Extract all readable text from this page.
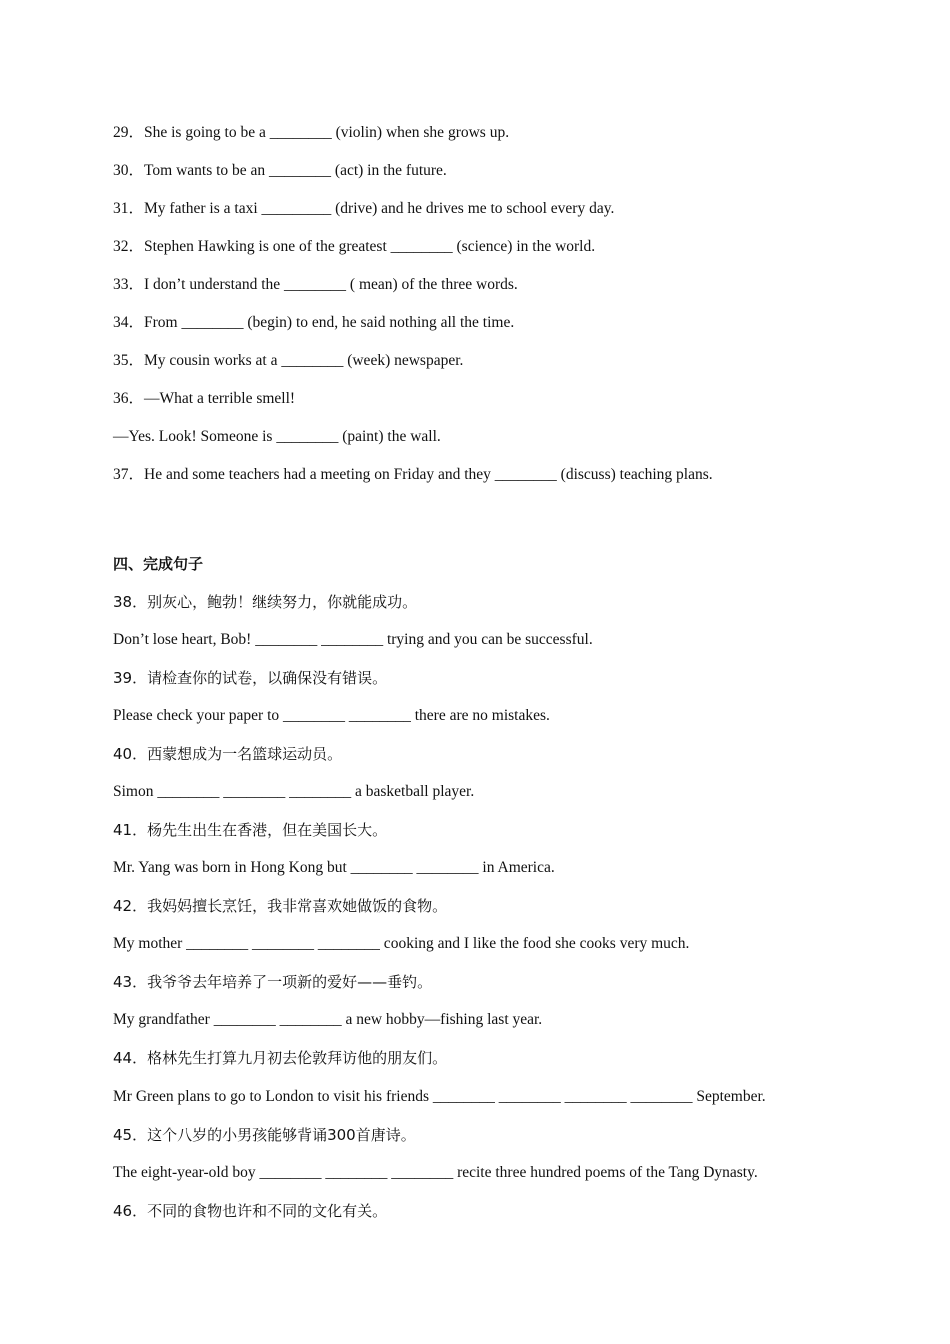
29．She is going to be a ________ (violin) when she grows up.
30．Tom wants to be an ________ (act) in the future.
31．My father is a taxi _________ (drive) and he drives me to school every day.
32．Stephen Hawking is one of the greatest ________ (science) in the world.
33．I don’t understand the ________ ( mean) of the three words.
34．From ________ (begin) to end, he said nothing all the time.
35．My cousin works at a ________ (week) newspaper.
36．—What a terrible smell!
—Yes. Look! Someone is ________ (paint) the wall.
37．He and some teachers had a meeting on Friday and they ________ (discuss) teaching plans.
四、完成句子
38．别灰心，鲍勃！继续努力，你就能成功。
Don’t lose heart, Bob! ________ ________ trying and you can be successful.
39．请检查你的试卷，以确保没有错误。
Please check your paper to ________ ________ there are no mistakes.
40．西蒙想成为一名篮球运动员。
Simon ________ ________ ________ a basketball player.
41．杨先生出生在香港，但在美国长大。
Mr. Yang was born in Hong Kong but ________ ________ in America.
42．我妈妈擅长烹饪，我非常喜欢她做饭的食物。
My mother ________ ________ ________ cooking and I like the food she cooks very much.
43．我爷爷去年培养了一项新的爱好——垂钓。
My grandfather ________ ________ a new hobby—fishing last year.
44．格林先生打算九月初去伦敦拜访他的朋友们。
Mr Green plans to go to London to visit his friends ________ ________ ________ ________ September.
45．这个八岁的小男孩能够背诵300首唐诗。
The eight-year-old boy ________ ________ ________ recite three hundred poems of the Tang Dynasty.
46．不同的食物也许和不同的文化有关。
